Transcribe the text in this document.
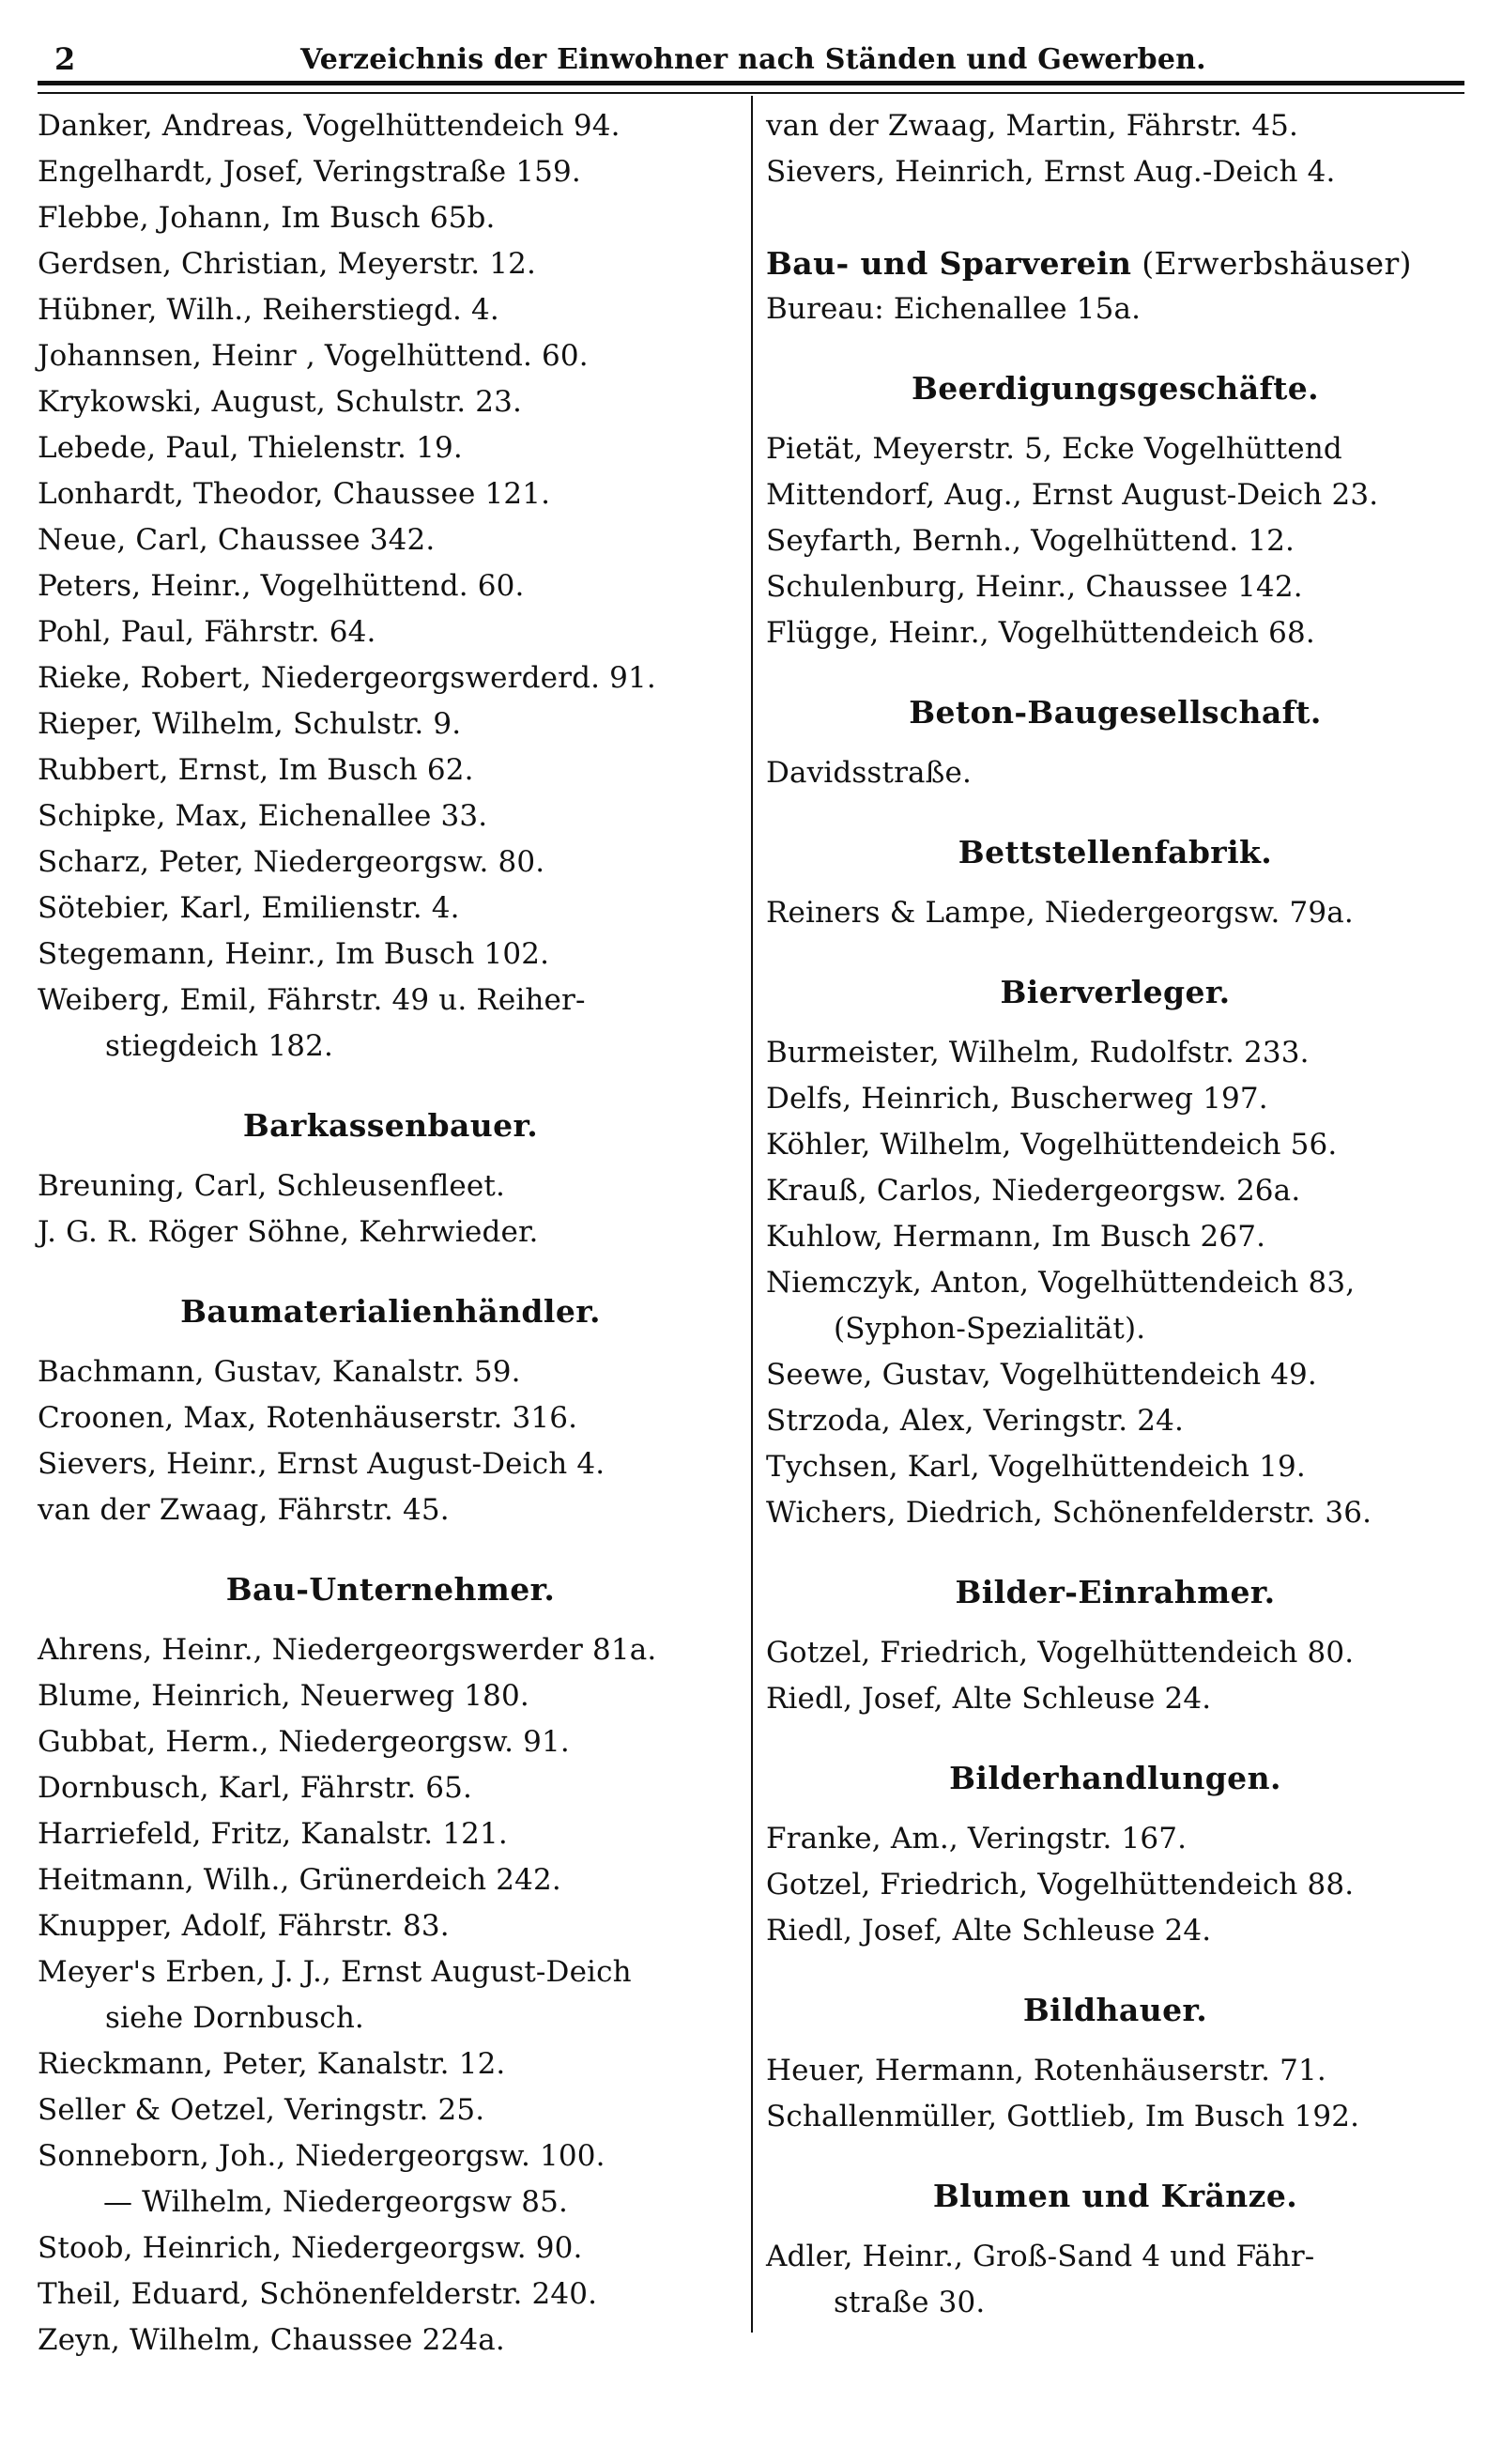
2	Verzeichnis der Einwohner nach Ständen und Gewerben.
Danker, Andreas, Vogelhüttendeich 94.
Engelhardt, Josef, Veringstraße 159.
Flebbe, Johann, Im Busch 65b.
Gerdsen, Christian, Meyerstr. 12.
Hübner, Wilh., Reiherstiegd. 4.
Johannsen, Heinr , Vogelhüttend. 60.
Krykowski, August, Schulstr. 23.
Lebede, Paul, Thielenstr. 19.
Lonhardt, Theodor, Chaussee 121.
Neue, Carl, Chaussee 342.
Peters, Heinr., Vogelhüttend. 60.
Pohl, Paul, Fährstr. 64.
Rieke, Robert, Niedergeorgswerderd. 91.
Rieper, Wilhelm, Schulstr. 9.
Rubbert, Ernst, Im Busch 62.
Schipke, Max, Eichenallee 33.
Scharz, Peter, Niedergeorgsw. 80.
Sötebier, Karl, Emilienstr. 4.
Stegemann, Heinr., Im Busch 102.
Weiberg, Emil, Fährstr. 49 u. Reiher-
stiegdeich 182.
Barkassenbauer.
Breuning, Carl, Schleusenfleet.
J. G. R. Röger Söhne, Kehrwieder.
Baumaterialienhändler.
Bachmann, Gustav, Kanalstr. 59.
Croonen, Max, Rotenhäuserstr. 316.
Sievers, Heinr., Ernst August-Deich 4.
van der Zwaag, Fährstr. 45.
Bau-Unternehmer.
Ahrens, Heinr., Niedergeorgswerder 81a.
Blume, Heinrich, Neuerweg 180.
Gubbat, Herm., Niedergeorgsw. 91.
Dornbusch, Karl, Fährstr. 65.
Harriefeld, Fritz, Kanalstr. 121.
Heitmann, Wilh., Grünerdeich 242.
Knupper, Adolf, Fährstr. 83.
Meyer's Erben, J. J., Ernst August-Deich
siehe Dornbusch.
Rieckmann, Peter, Kanalstr. 12.
Seller & Oetzel, Veringstr. 25.
Sonneborn, Joh., Niedergeorgsw. 100.
— Wilhelm, Niedergeorgsw 85.
Stoob, Heinrich, Niedergeorgsw. 90.
Theil, Eduard, Schönenfelderstr. 240.
Zeyn, Wilhelm, Chaussee 224a.
van der Zwaag, Martin, Fährstr. 45.
Sievers, Heinrich, Ernst Aug.-Deich 4.
Bau- und Sparverein (Erwerbshäuser)
Bureau: Eichenallee 15a.
Beerdigungsgeschäfte.
Pietät, Meyerstr. 5, Ecke Vogelhüttend
Mittendorf, Aug., Ernst August-Deich 23.
Seyfarth, Bernh., Vogelhüttend. 12.
Schulenburg, Heinr., Chaussee 142.
Flügge, Heinr., Vogelhüttendeich 68.
Beton-Baugesellschaft.
Davidsstraße.
Bettstellenfabrik.
Reiners & Lampe, Niedergeorgsw. 79a.
Bierverleger.
Burmeister, Wilhelm, Rudolfstr. 233.
Delfs, Heinrich, Buscherweg 197.
Köhler, Wilhelm, Vogelhüttendeich 56.
Krauß, Carlos, Niedergeorgsw. 26a.
Kuhlow, Hermann, Im Busch 267.
Niemczyk, Anton, Vogelhüttendeich 83,
(Syphon-Spezialität).
Seewe, Gustav, Vogelhüttendeich 49.
Strzoda, Alex, Veringstr. 24.
Tychsen, Karl, Vogelhüttendeich 19.
Wichers, Diedrich, Schönenfelderstr. 36.
Bilder-Einrahmer.
Gotzel, Friedrich, Vogelhüttendeich 80.
Riedl, Josef, Alte Schleuse 24.
Bilderhandlungen.
Franke, Am., Veringstr. 167.
Gotzel, Friedrich, Vogelhüttendeich 88.
Riedl, Josef, Alte Schleuse 24.
Bildhauer.
Heuer, Hermann, Rotenhäuserstr. 71.
Schallenmüller, Gottlieb, Im Busch 192.
Blumen und Kränze.
Adler, Heinr., Groß-Sand 4 und Fähr-
straße 30.
